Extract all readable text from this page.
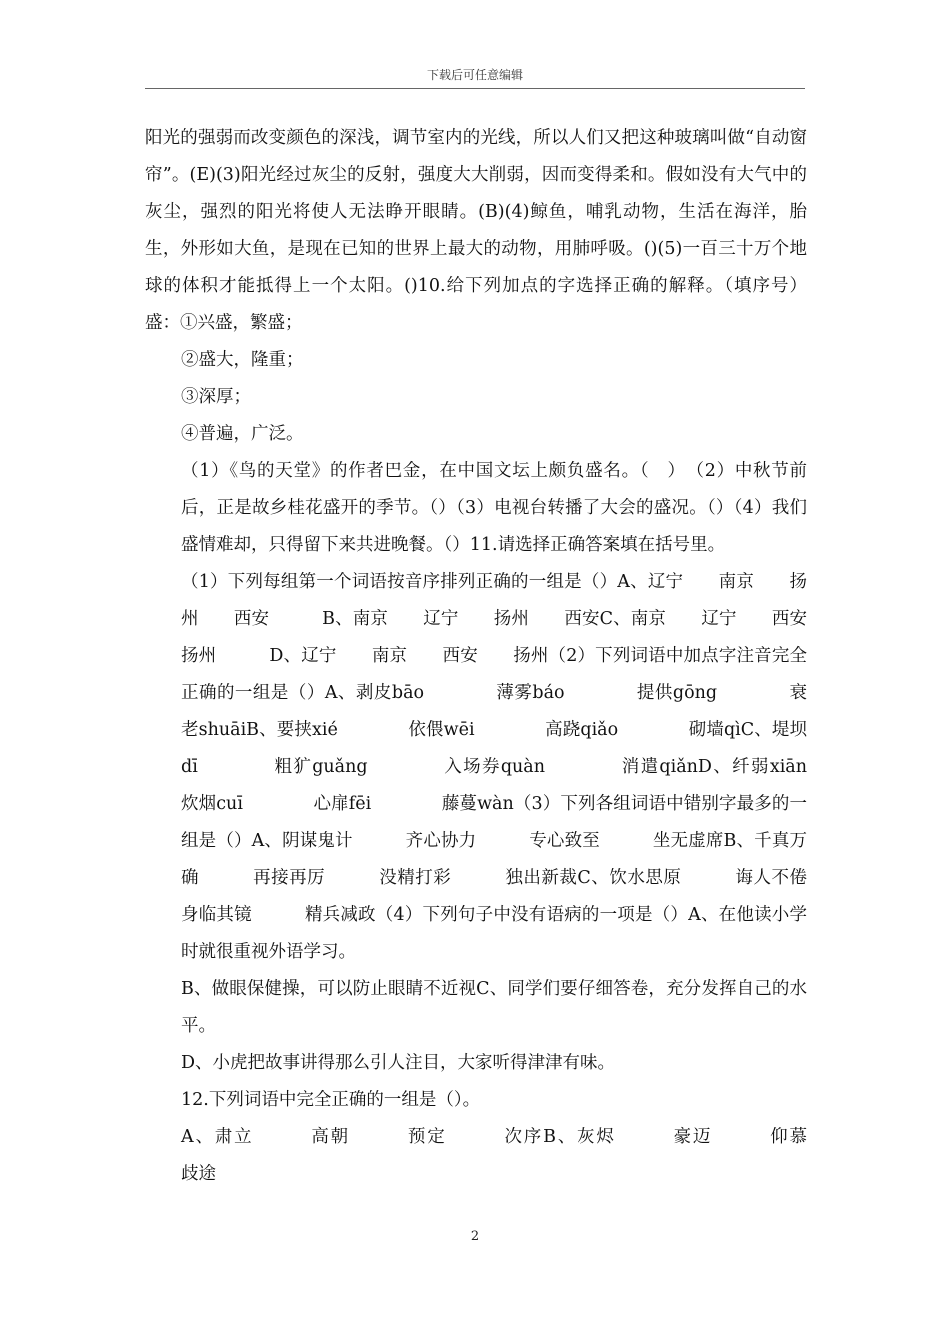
下载后可任意编辑

阳光的强弱而改变颜色的深浅，调节室内的光线，所以人们又把这种玻璃叫做“自动窗帘”。(E)(3)阳光经过灰尘的反射，强度大大削弱，因而变得柔和。假如没有大气中的灰尘，强烈的阳光将使人无法睁开眼睛。(B)(4)鲸鱼，哺乳动物，生活在海洋，胎生，外形如大鱼，是现在已知的世界上最大的动物，用肺呼吸。()(5)一百三十万个地球的体积才能抵得上一个太阳。()10.给下列加点的字选择正确的解释。（填序号）盛：①兴盛，繁盛；

②盛大，隆重；

③深厚；

④普遍，广泛。

（1）《鸟的天堂》的作者巴金，在中国文坛上颇负盛名。（　）　（2）中秋节前后，正是故乡桂花盛开的季节。（）（3）电视台转播了大会的盛况。（）（4）我们盛情难却，只得留下来共进晚餐。（）11.请选择正确答案填在括号里。

（1）下列每组第一个词语按音序排列正确的一组是（）A、辽宁　　南京　　扬州　　西安　　　B、南京　　辽宁　　扬州　　西安C、南京　　辽宁　　西安　　扬州　　　D、辽宁　　南京　　西安　　扬州（2）下列词语中加点字注音完全正确的一组是（）A、剥皮bāo　　　　薄雾báo　　　　提供gōng　　　　衰老shuāiB、要挟xié　　　　依偎wēi　　　　高跷qiǎo　　　　砌墙qìC、堤坝dī　　　　粗犷guǎng　　　　入场券quàn　　　　消遣qiǎnD、纤弱xiān　　　　炊烟cuī　　　　心扉fēi　　　　藤蔓wàn（3）下列各组词语中错别字最多的一组是（）A、阴谋鬼计　　　齐心协力　　　专心致至　　　坐无虚席B、千真万确　　　再接再厉　　　没精打彩　　　独出新裁C、饮水思原　　　诲人不倦　　　身临其镜　　　精兵减政（4）下列句子中没有语病的一项是（）A、在他读小学时就很重视外语学习。

B、做眼保健操，可以防止眼睛不近视C、同学们要仔细答卷，充分发挥自己的水平。

D、小虎把故事讲得那么引人注目，大家听得津津有味。

12.下列词语中完全正确的一组是（）。

A、肃立　　　高朝　　　预定　　　次序B、灰烬　　　豪迈　　　仰慕　　　歧途

2
